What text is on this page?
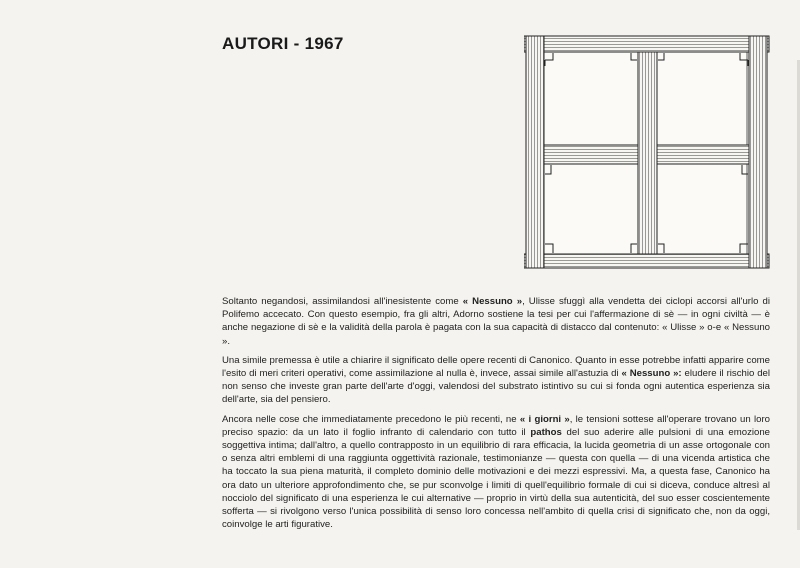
AUTORI - 1967

Soltanto negandosi, assimilandosi all'inesistente come « Nessuno », Ulisse sfuggì alla vendetta dei ciclopi accorsi all'urlo di Polifemo accecato. Con questo esempio, fra gli altri, Adorno sostiene la tesi per cui l'affermazione di sè — in ogni civiltà — è anche negazione di sè e la validità della parola è pagata con la sua capacità di distacco dal contenuto: « Ulisse » o-e « Nessuno ».

Una simile premessa è utile a chiarire il significato delle opere recenti di Canonico. Quanto in esse potrebbe infatti apparire come l'esito di meri criteri operativi, come assimilazione al nulla è, invece, assai simile all'astuzia di « Nessuno »: eludere il rischio del non senso che investe gran parte dell'arte d'oggi, valendosi del substrato istintivo su cui si fonda ogni autentica esperienza sia dell'arte, sia del pensiero.

Ancora nelle cose che immediatamente precedono le più recenti, ne « i giorni », le tensioni sottese all'operare trovano un loro preciso spazio: da un lato il foglio infranto di calendario con tutto il pathos del suo aderire alle pulsioni di una emozione soggettiva intima; dall'altro, a quello contrapposto in un equilibrio di rara efficacia, la lucida geometria di un asse ortogonale con o senza altri emblemi di una raggiunta oggettività razionale, testimonianze — questa con quella — di una vicenda artistica che ha toccato la sua piena maturità, il completo dominio delle motivazioni e dei mezzi espressivi. Ma, a questa fase, Canonico ha ora dato un ulteriore approfondimento che, se pur sconvolge i limiti di quell'equilibrio formale di cui si diceva, conduce altresì al nocciolo del significato di una esperienza le cui alternative — proprio in virtù della sua autenticità, del suo esser coscientemente sofferta — si rivolgono verso l'unica possibilità di senso loro concessa nell'ambito di quella crisi di significato che, non da oggi, coinvolge le arti figurative.
